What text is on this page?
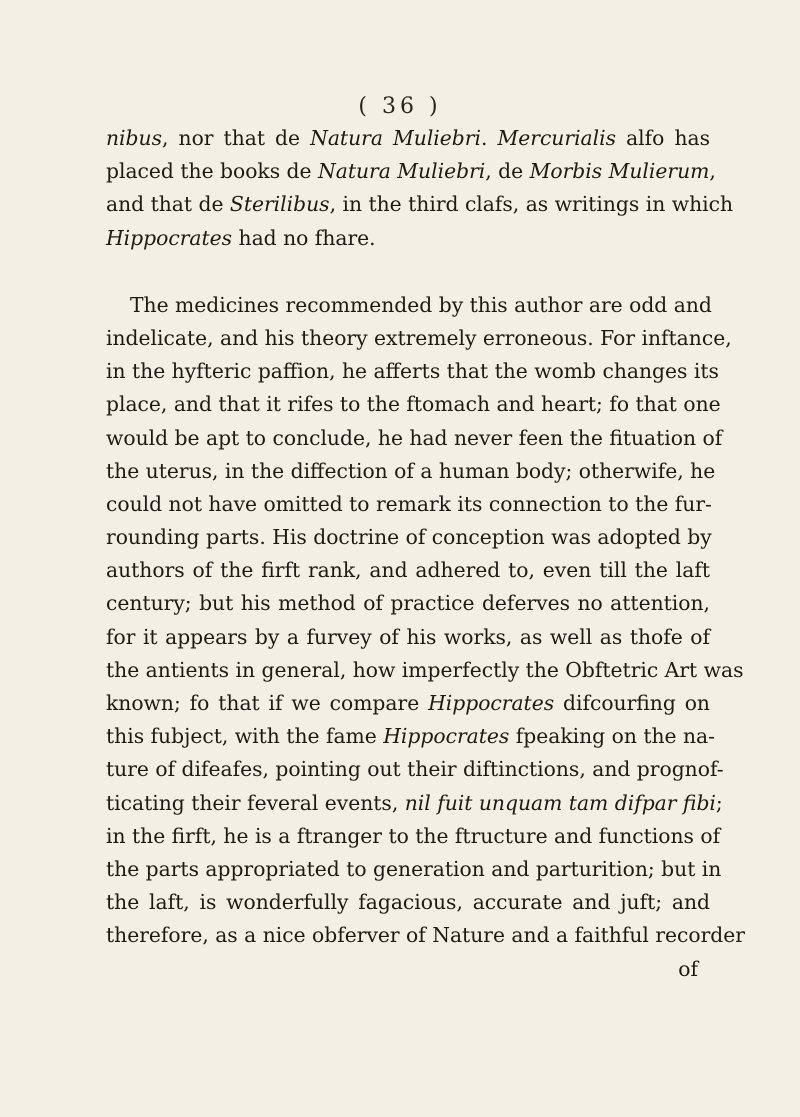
( 36 )
nibus, nor that de Natura Muliebri. Mercurialis alfo has
placed the books de Natura Muliebri, de Morbis Mulierum,
and that de Sterilibus, in the third clafs, as writings in which
Hippocrates had no fhare.
The medicines recommended by this author are odd and
indelicate, and his theory extremely erroneous. For inftance,
in the hyfteric paffion, he afferts that the womb changes its
place, and that it rifes to the ftomach and heart; fo that one
would be apt to conclude, he had never feen the fituation of
the uterus, in the diffection of a human body; otherwife, he
could not have omitted to remark its connection to the fur-
rounding parts. His doctrine of conception was adopted by
authors of the firft rank, and adhered to, even till the laft
century; but his method of practice deferves no attention,
for it appears by a furvey of his works, as well as thofe of
the antients in general, how imperfectly the Obftetric Art was
known; fo that if we compare Hippocrates difcourfing on
this fubject, with the fame Hippocrates fpeaking on the na-
ture of difeafes, pointing out their diftinctions, and prognof-
ticating their feveral events, nil fuit unquam tam difpar fibi;
in the firft, he is a ftranger to the ftructure and functions of
the parts appropriated to generation and parturition; but in
the laft, is wonderfully fagacious, accurate and juft; and
therefore, as a nice obferver of Nature and a faithful recorder
of
